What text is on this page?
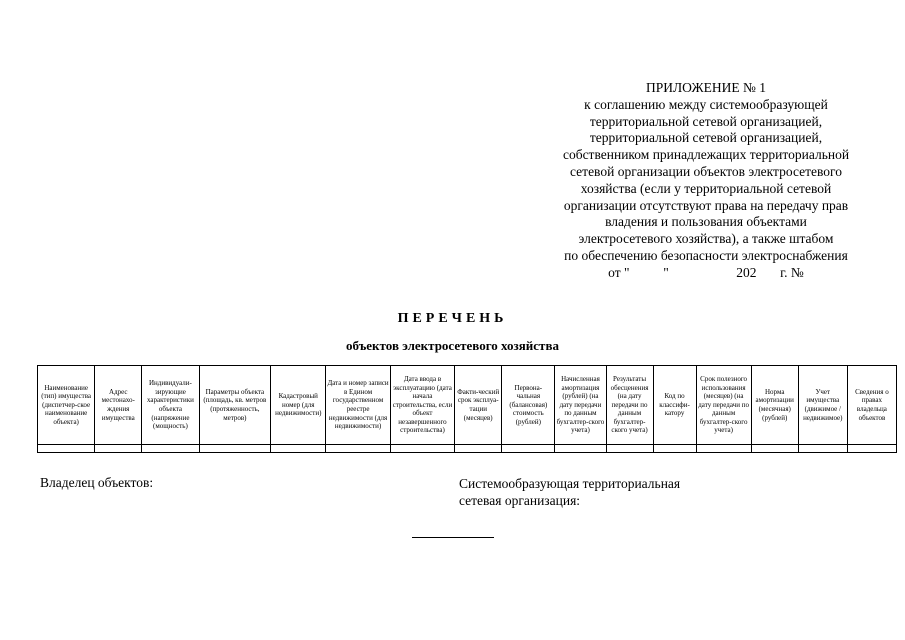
ПРИЛОЖЕНИЕ № 1
к соглашению между системообразующей
территориальной сетевой организацией,
территориальной сетевой организацией,
собственником принадлежащих территориальной
сетевой организации объектов электросетевого
хозяйства (если у территориальной сетевой
организации отсутствуют права на передачу прав
владения и пользования объектами
электросетевого хозяйства), а также штабом
по обеспечению безопасности электроснабжения
от "          "                    202       г. №
ПЕРЕЧЕНЬ
объектов электросетевого хозяйства
Наименование (тип) имущества (диспетчер-ское наименование объекта)	Адрес местонахо-ждения имущества	Индивидуали-зирующие характеристики объекта (напряжение (мощность)	Параметры объекта (площадь, кв. метров (протяженность, метров)	Кадастровый номер (для недвижимости)	Дата и номер записи в Едином государственном реестре недвижимости (для недвижимости)	Дата ввода в эксплуатацию (дата начала строительства, если объект незавершенного строительства)	Факти-ческий срок эксплуа-тации (месяцев)	Первона-чальная (балансовая) стоимость (рублей)	Начисленная амортизация (рублей) (на дату передачи по данным бухгалтер-ского учета)	Результаты обесценения (на дату передачи по данным бухгалтер-ского учета)	Код по классифи-катору	Срок полезного использования (месяцев) (на дату передачи по данным бухгалтер-ского учета)	Норма амортизации (месячная) (рублей)	Учет имущества (движимое /недвижимое)	Сведения о правах владельца объектов

Владелец объектов:	Системообразующая территориальная
сетевая организация:
